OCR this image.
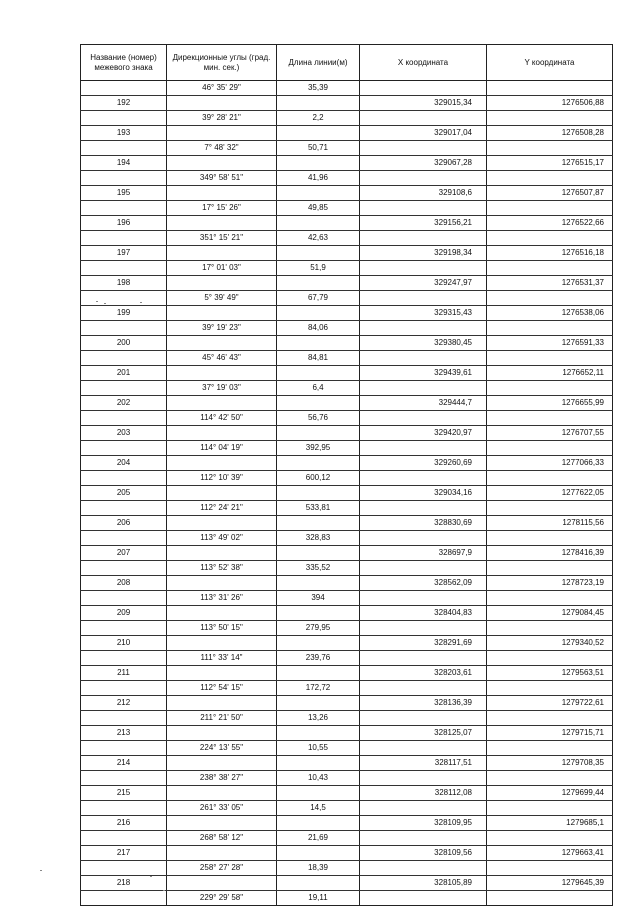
Название (номер) межевого знака	Дирекционные углы (град. мин. сек.)	Длина линии(м)	X координата	Y координата
	46° 35' 29"	35,39		
192			329015,34	1276506,88
	39° 28' 21"	2,2		
193			329017,04	1276508,28
	7° 48' 32"	50,71		
194			329067,28	1276515,17
	349° 58' 51"	41,96		
195			329108,6	1276507,87
	17° 15' 26"	49,85		
196			329156,21	1276522,66
	351° 15' 21"	42,63		
197			329198,34	1276516,18
	17° 01' 03"	51,9		
198			329247,97	1276531,37
	5° 39' 49"	67,79		
199			329315,43	1276538,06
	39° 19' 23"	84,06		
200			329380,45	1276591,33
	45° 46' 43"	84,81		
201			329439,61	1276652,11
	37° 19' 03"	6,4		
202			329444,7	1276655,99
	114° 42' 50"	56,76		
203			329420,97	1276707,55
	114° 04' 19"	392,95		
204			329260,69	1277066,33
	112° 10' 39"	600,12		
205			329034,16	1277622,05
	112° 24' 21"	533,81		
206			328830,69	1278115,56
	113° 49' 02"	328,83		
207			328697,9	1278416,39
	113° 52' 38"	335,52		
208			328562,09	1278723,19
	113° 31' 26"	394		
209			328404,83	1279084,45
	113° 50' 15"	279,95		
210			328291,69	1279340,52
	111° 33' 14"	239,76		
211			328203,61	1279563,51
	112° 54' 15"	172,72		
212			328136,39	1279722,61
	211° 21' 50"	13,26		
213			328125,07	1279715,71
	224° 13' 55"	10,55		
214			328117,51	1279708,35
	238° 38' 27"	10,43		
215			328112,08	1279699,44
	261° 33' 05"	14,5		
216			328109,95	1279685,1
	268° 58' 12"	21,69		
217			328109,56	1279663,41
	258° 27' 28"	18,39		
218			328105,89	1279645,39
	229° 29' 58"	19,11		
